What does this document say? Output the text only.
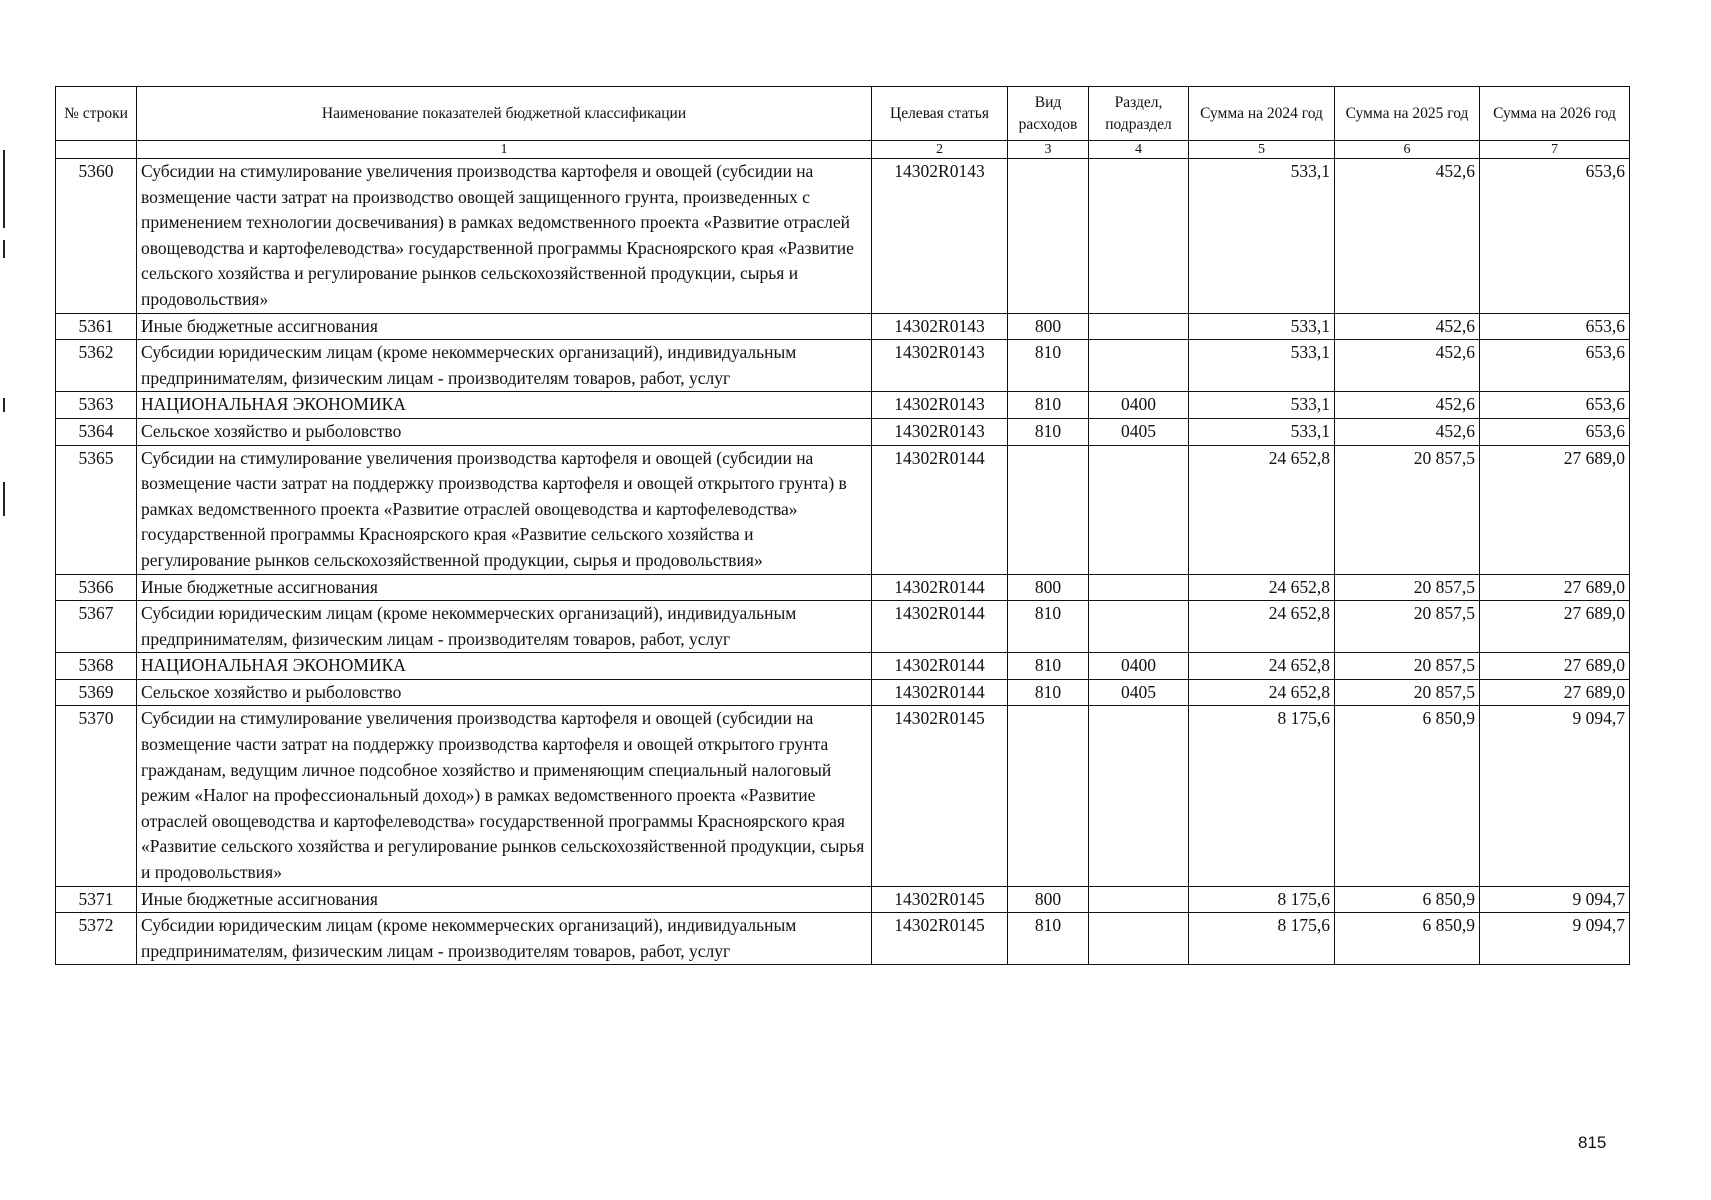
№ строки	Наименование показателей бюджетной классификации	Целевая статья	Вид расходов	Раздел, подраздел	Сумма на 2024 год	Сумма на 2025 год	Сумма на 2026 год
	1	2	3	4	5	6	7
5360	Субсидии на стимулирование увеличения производства картофеля и овощей (субсидии на возмещение части затрат на производство овощей защищенного грунта, произведенных с применением технологии досвечивания) в рамках ведомственного проекта «Развитие отраслей овощеводства и картофелеводства» государственной программы Красноярского края «Развитие сельского хозяйства и регулирование рынков сельскохозяйственной продукции, сырья и продовольствия»	14302R0143			533,1	452,6	653,6
5361	Иные бюджетные ассигнования	14302R0143	800		533,1	452,6	653,6
5362	Субсидии юридическим лицам (кроме некоммерческих организаций), индивидуальным предпринимателям, физическим лицам - производителям товаров, работ, услуг	14302R0143	810		533,1	452,6	653,6
5363	НАЦИОНАЛЬНАЯ ЭКОНОМИКА	14302R0143	810	0400	533,1	452,6	653,6
5364	Сельское хозяйство и рыболовство	14302R0143	810	0405	533,1	452,6	653,6
5365	Субсидии на стимулирование увеличения производства картофеля и овощей (субсидии на возмещение части затрат на поддержку производства картофеля и овощей открытого грунта) в рамках ведомственного проекта «Развитие отраслей овощеводства и картофелеводства» государственной программы Красноярского края «Развитие сельского хозяйства и регулирование рынков сельскохозяйственной продукции, сырья и продовольствия»	14302R0144			24 652,8	20 857,5	27 689,0
5366	Иные бюджетные ассигнования	14302R0144	800		24 652,8	20 857,5	27 689,0
5367	Субсидии юридическим лицам (кроме некоммерческих организаций), индивидуальным предпринимателям, физическим лицам - производителям товаров, работ, услуг	14302R0144	810		24 652,8	20 857,5	27 689,0
5368	НАЦИОНАЛЬНАЯ ЭКОНОМИКА	14302R0144	810	0400	24 652,8	20 857,5	27 689,0
5369	Сельское хозяйство и рыболовство	14302R0144	810	0405	24 652,8	20 857,5	27 689,0
5370	Субсидии на стимулирование увеличения производства картофеля и овощей (субсидии на возмещение части затрат на поддержку производства картофеля и овощей открытого грунта гражданам, ведущим личное подсобное хозяйство и применяющим специальный налоговый режим «Налог на профессиональный доход») в рамках ведомственного проекта «Развитие отраслей овощеводства и картофелеводства» государственной программы Красноярского края «Развитие сельского хозяйства и регулирование рынков сельскохозяйственной продукции, сырья и продовольствия»	14302R0145			8 175,6	6 850,9	9 094,7
5371	Иные бюджетные ассигнования	14302R0145	800		8 175,6	6 850,9	9 094,7
5372	Субсидии юридическим лицам (кроме некоммерческих организаций), индивидуальным предпринимателям, физическим лицам - производителям товаров, работ, услуг	14302R0145	810		8 175,6	6 850,9	9 094,7
815
